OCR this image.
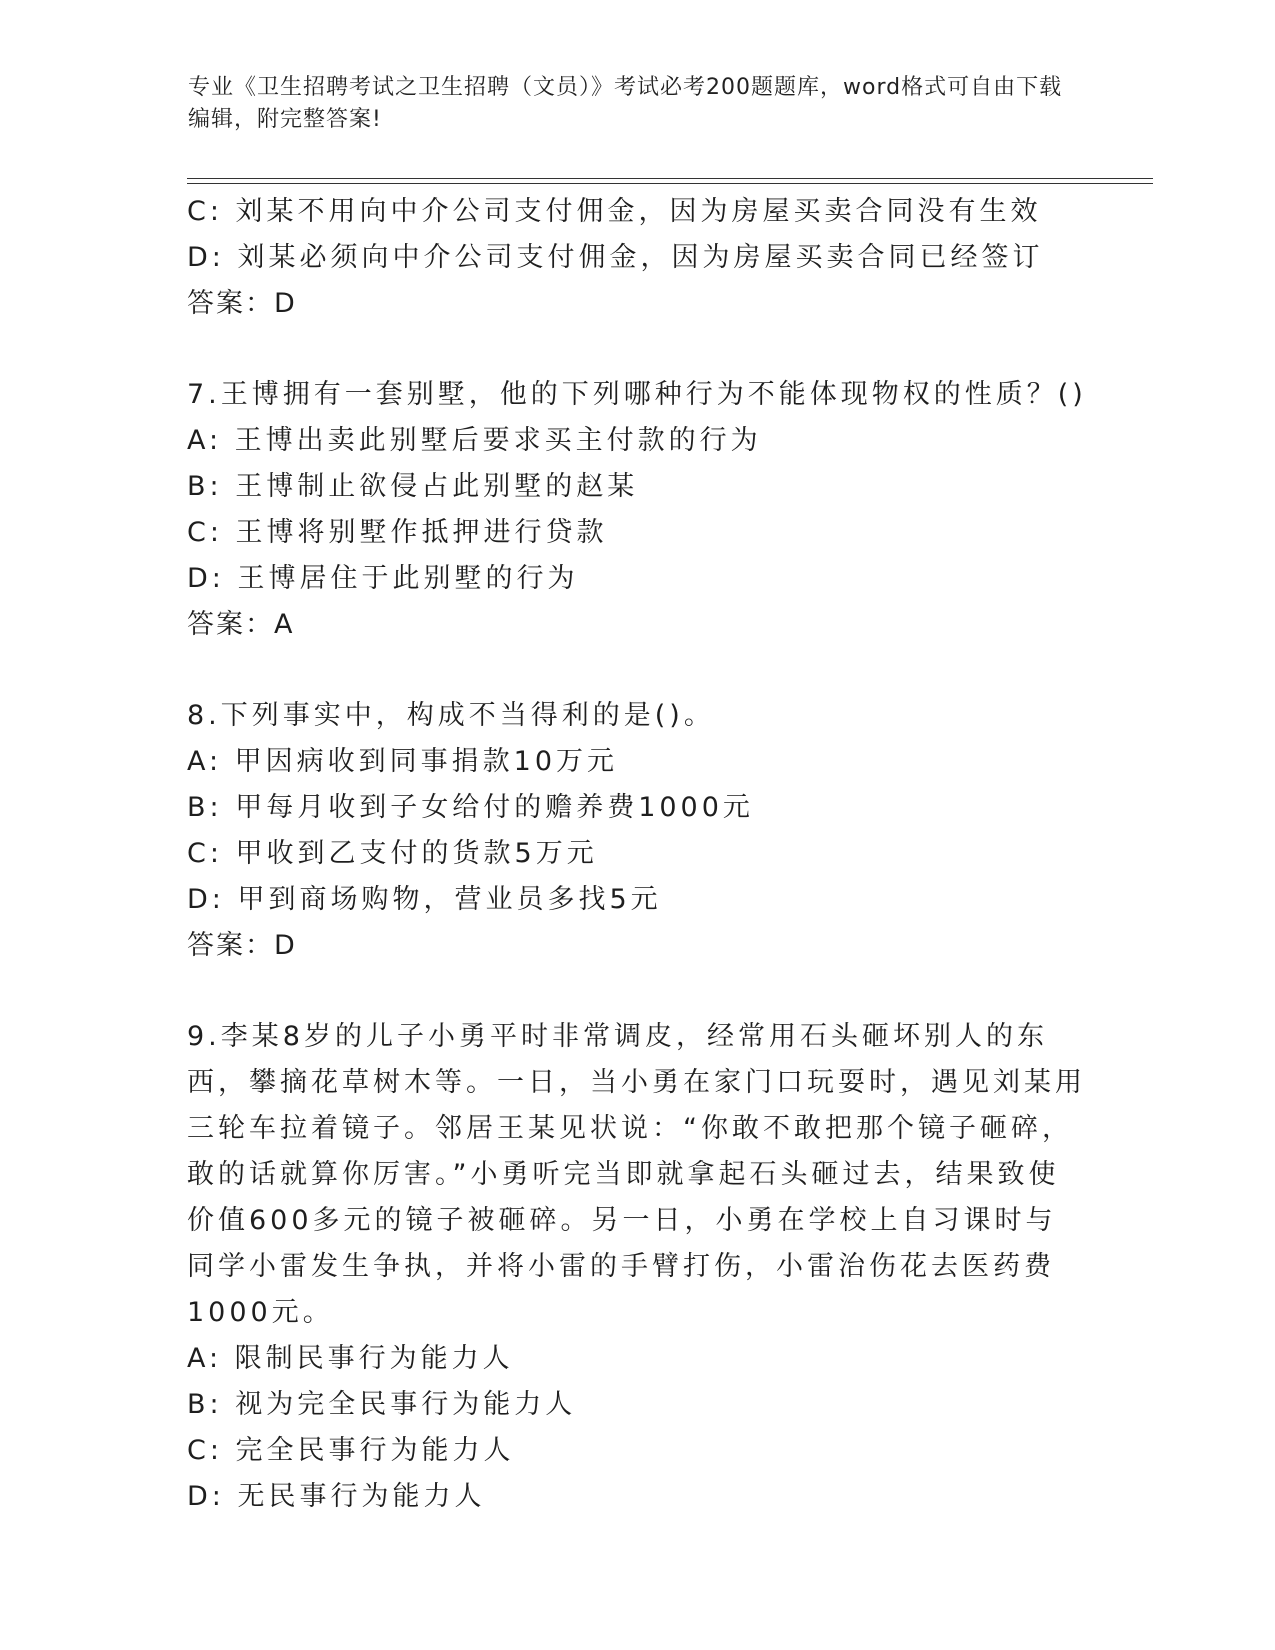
专业《卫生招聘考试之卫生招聘（文员）》考试必考200题题库，word格式可自由下载编辑，附完整答案!
C: 刘某不用向中介公司支付佣金，因为房屋买卖合同没有生效
D: 刘某必须向中介公司支付佣金，因为房屋买卖合同已经签订
答案：D
7.王博拥有一套别墅，他的下列哪种行为不能体现物权的性质？()
A: 王博出卖此别墅后要求买主付款的行为
B: 王博制止欲侵占此别墅的赵某
C: 王博将别墅作抵押进行贷款
D: 王博居住于此别墅的行为
答案：A
8.下列事实中，构成不当得利的是()。
A: 甲因病收到同事捐款10万元
B: 甲每月收到子女给付的赡养费1000元
C: 甲收到乙支付的货款5万元
D: 甲到商场购物，营业员多找5元
答案：D
9.李某8岁的儿子小勇平时非常调皮，经常用石头砸坏别人的东西，攀摘花草树木等。一日，当小勇在家门口玩耍时，遇见刘某用三轮车拉着镜子。邻居王某见状说：“你敢不敢把那个镜子砸碎，敢的话就算你厉害。”小勇听完当即就拿起石头砸过去，结果致使价值600多元的镜子被砸碎。另一日，小勇在学校上自习课时与同学小雷发生争执，并将小雷的手臂打伤，小雷治伤花去医药费1000元。
A: 限制民事行为能力人
B: 视为完全民事行为能力人
C: 完全民事行为能力人
D: 无民事行为能力人
